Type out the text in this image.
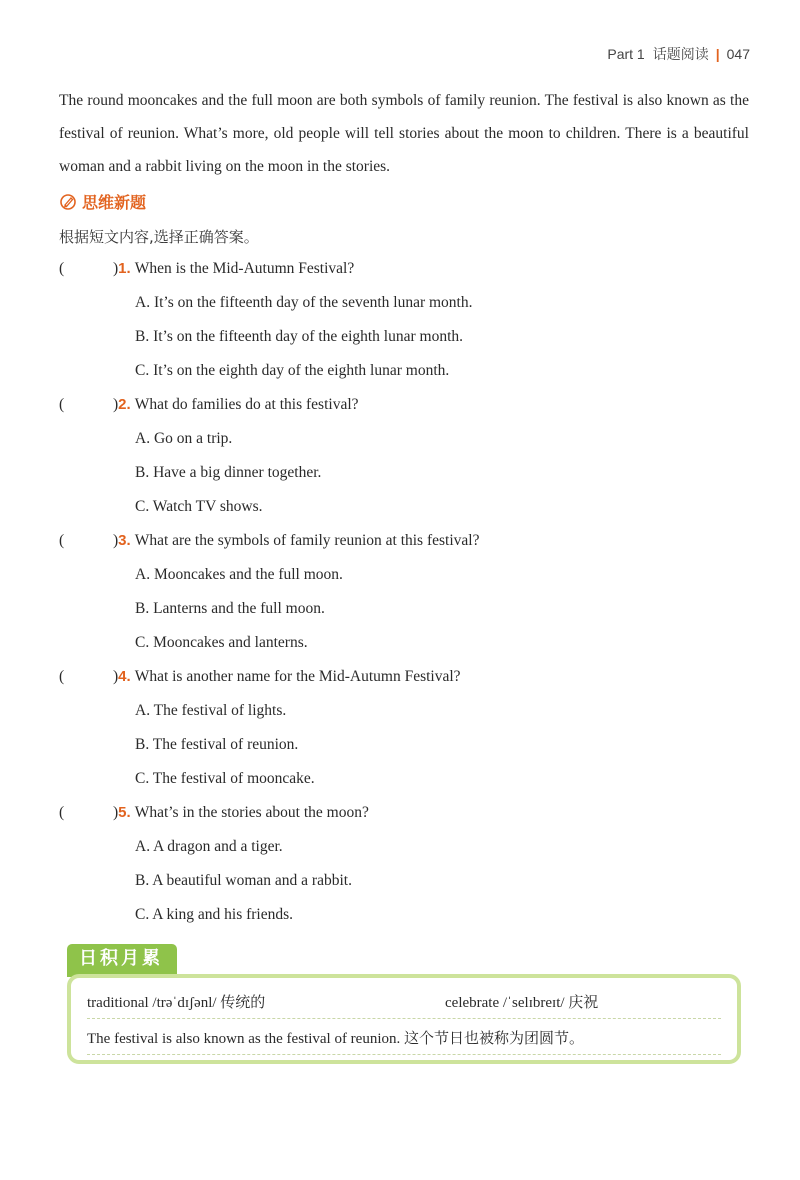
Part 1 话题阅读 | 047

The round mooncakes and the full moon are both symbols of family reunion. The festival is also known as the festival of reunion. What’s more, old people will tell stories about the moon to children. There is a beautiful woman and a rabbit living on the moon in the stories.

思维新题
根据短文内容,选择正确答案。
(	) 1. When is the Mid-Autumn Festival?
A. It’s on the fifteenth day of the seventh lunar month.
B. It’s on the fifteenth day of the eighth lunar month.
C. It’s on the eighth day of the eighth lunar month.
(	) 2. What do families do at this festival?
A. Go on a trip.
B. Have a big dinner together.
C. Watch TV shows.
(	) 3. What are the symbols of family reunion at this festival?
A. Mooncakes and the full moon.
B. Lanterns and the full moon.
C. Mooncakes and lanterns.
(	) 4. What is another name for the Mid-Autumn Festival?
A. The festival of lights.
B. The festival of reunion.
C. The festival of mooncake.
(	) 5. What’s in the stories about the moon?
A. A dragon and a tiger.
B. A beautiful woman and a rabbit.
C. A king and his friends.
日积月累
traditional /trəˈdɪʃənl/ 传统的	celebrate /ˈselɪbreɪt/ 庆祝
The festival is also known as the festival of reunion. 这个节日也被称为团圆节。
